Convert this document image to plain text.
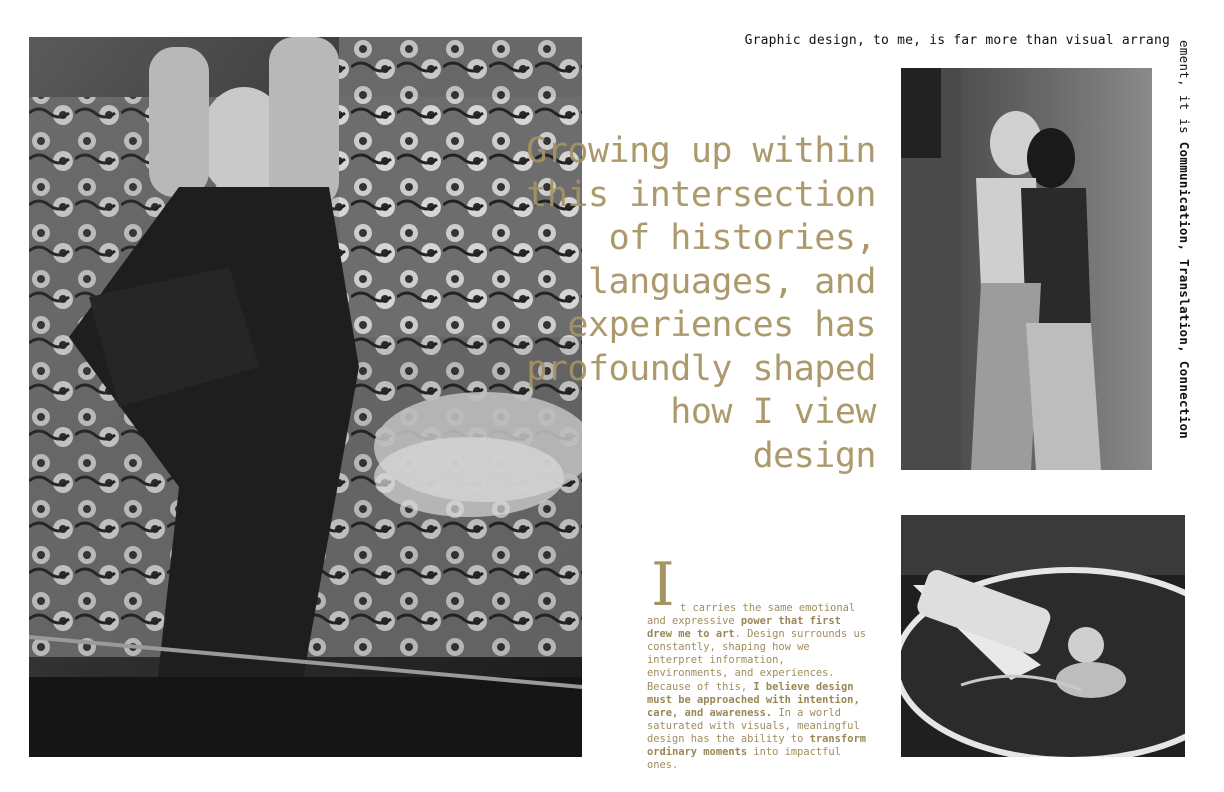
Graphic design, to me, is far more than visual arrang ement, it is Communication, Translation, Connection
Growing up within
this intersection
of histories,
languages, and
experiences has
profoundly shaped
how I view
design
I t carries the same emotional
and expressive power that first drew me to art. Design surrounds us constantly, shaping how we interpret information, environments, and experiences. Because of this, I believe design must be approached with intention, care, and awareness. In a world saturated with visuals, meaningful design has the ability to transform ordinary moments into impactful ones.
